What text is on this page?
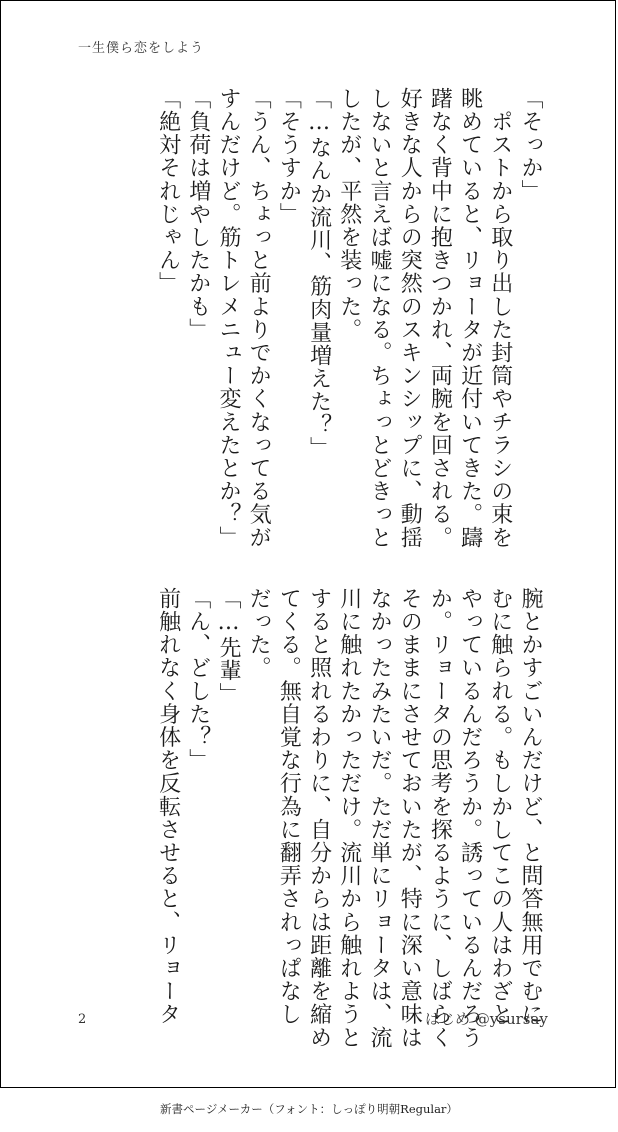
一生僕ら恋をしよう

「そっか」

　ポストから取り出した封筒やチラシの束を

眺めていると、リョータが近付いてきた。躊

躇なく背中に抱きつかれ、両腕を回される。

好きな人からの突然のスキンシップに、動揺

しないと言えば嘘になる。ちょっとどきっと

したが、平然を装った。

「…なんか流川、筋肉量増えた？」

「そうすか」

「うん、ちょっと前よりでかくなってる気が

すんだけど。筋トレメニュー変えたとか？」

「負荷は増やしたかも」

「絶対それじゃん」

腕とかすごいんだけど、と問答無用でむに

むに触られる。もしかしてこの人はわざと

やっているんだろうか。誘っているんだろう

か。リョータの思考を探るように、しばらく

そのままにさせておいたが、特に深い意味は

なかったみたいだ。ただ単にリョータは、流

川に触れたかっただけ。流川から触れようと

すると照れるわりに、自分からは距離を縮め

てくる。無自覚な行為に翻弄されっぱなし

だった。

「…先輩」

「ん、どした？」

前触れなく身体を反転させると、リョータ

2	はじめ @ysursay
新書ページメーカー（フォント：しっぽり明朝Regular）
